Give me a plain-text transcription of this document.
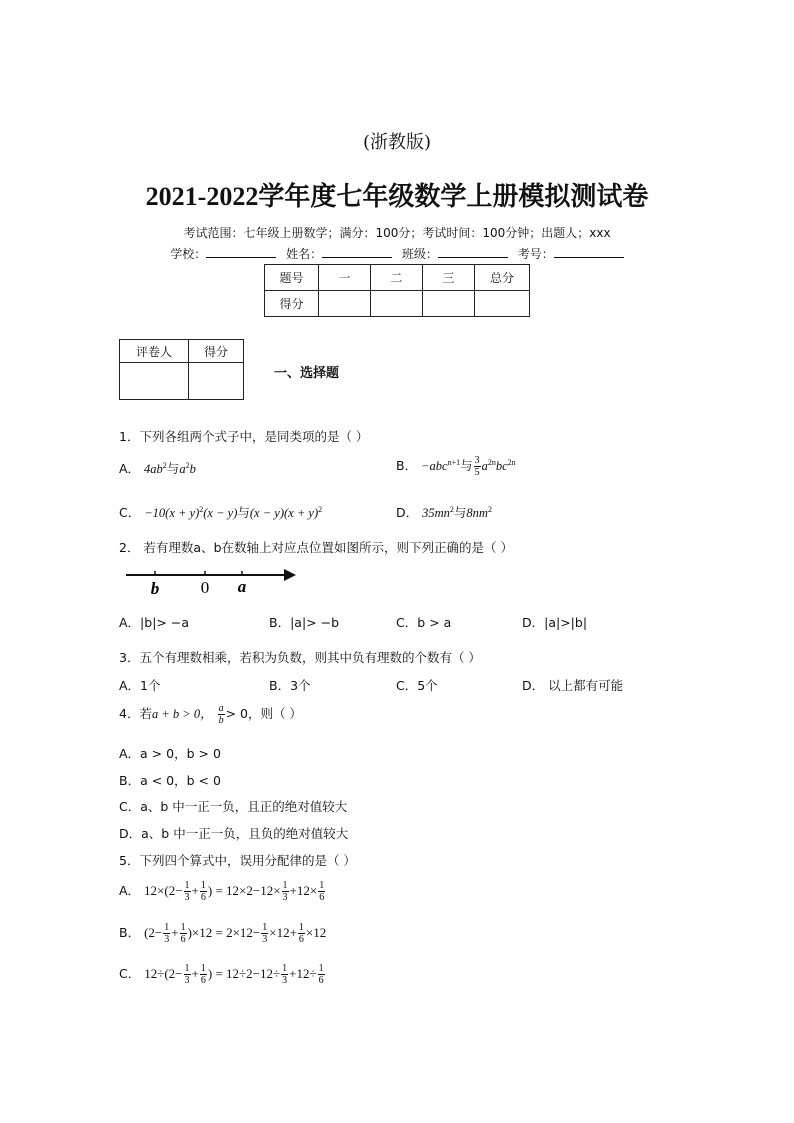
(浙教版)
2021-2022学年度七年级数学上册模拟测试卷
考试范围：七年级上册数学；满分：100分；考试时间：100分钟；出题人；xxx
学校：	姓名：	班级：	考号：
题号	一	二	三	总分
得分				
评卷人	得分

一、选择题
1．下列各组两个式子中，是同类项的是（ ）
A． $4ab^2$与$a^2b$	B． −abc$^{n+1}$与 $\frac{3}{5} a^{2n}bc^{2n}$
C． $-10(x + y)^2(x - y)$与$(x - y)(x + y)^2$	D． $35mn^2$与$8nm^2$
2． 若有理数a、b在数轴上对应点位置如图所示，则下列正确的是（ ）
b 0 a
A．|b|> −a	B．|a|> −b	C．b > a	D．|a|>|b|
3．五个有理数相乘，若积为负数，则其中负有理数的个数有（ ）
A．1个	B．3个	C．5个	D． 以上都有可能
4．若a + b > 0， $\frac{a}{b} > 0$，则（ ）
A．a > 0，b > 0
B．a < 0，b < 0
C．a、b 中一正一负，且正的绝对值较大
D．a、b 中一正一负，且负的绝对值较大
5．下列四个算式中，误用分配律的是（ ）
A． $12\times(2- \frac{1}{3} + \frac{1}{6}$ ) = $12\times 2-12\times \frac{1}{3} +12\times \frac{1}{6}$
B． $(2- \frac{1}{3} + \frac{1}{6} )\times 12 = 2\times 12- \frac{1}{3} \times 12+ \frac{1}{6} \times 12$
C． $12\div(2- \frac{1}{3} + \frac{1}{6}$ ) = $12\div 2-12\div \frac{1}{3} +12\div \frac{1}{6}$
